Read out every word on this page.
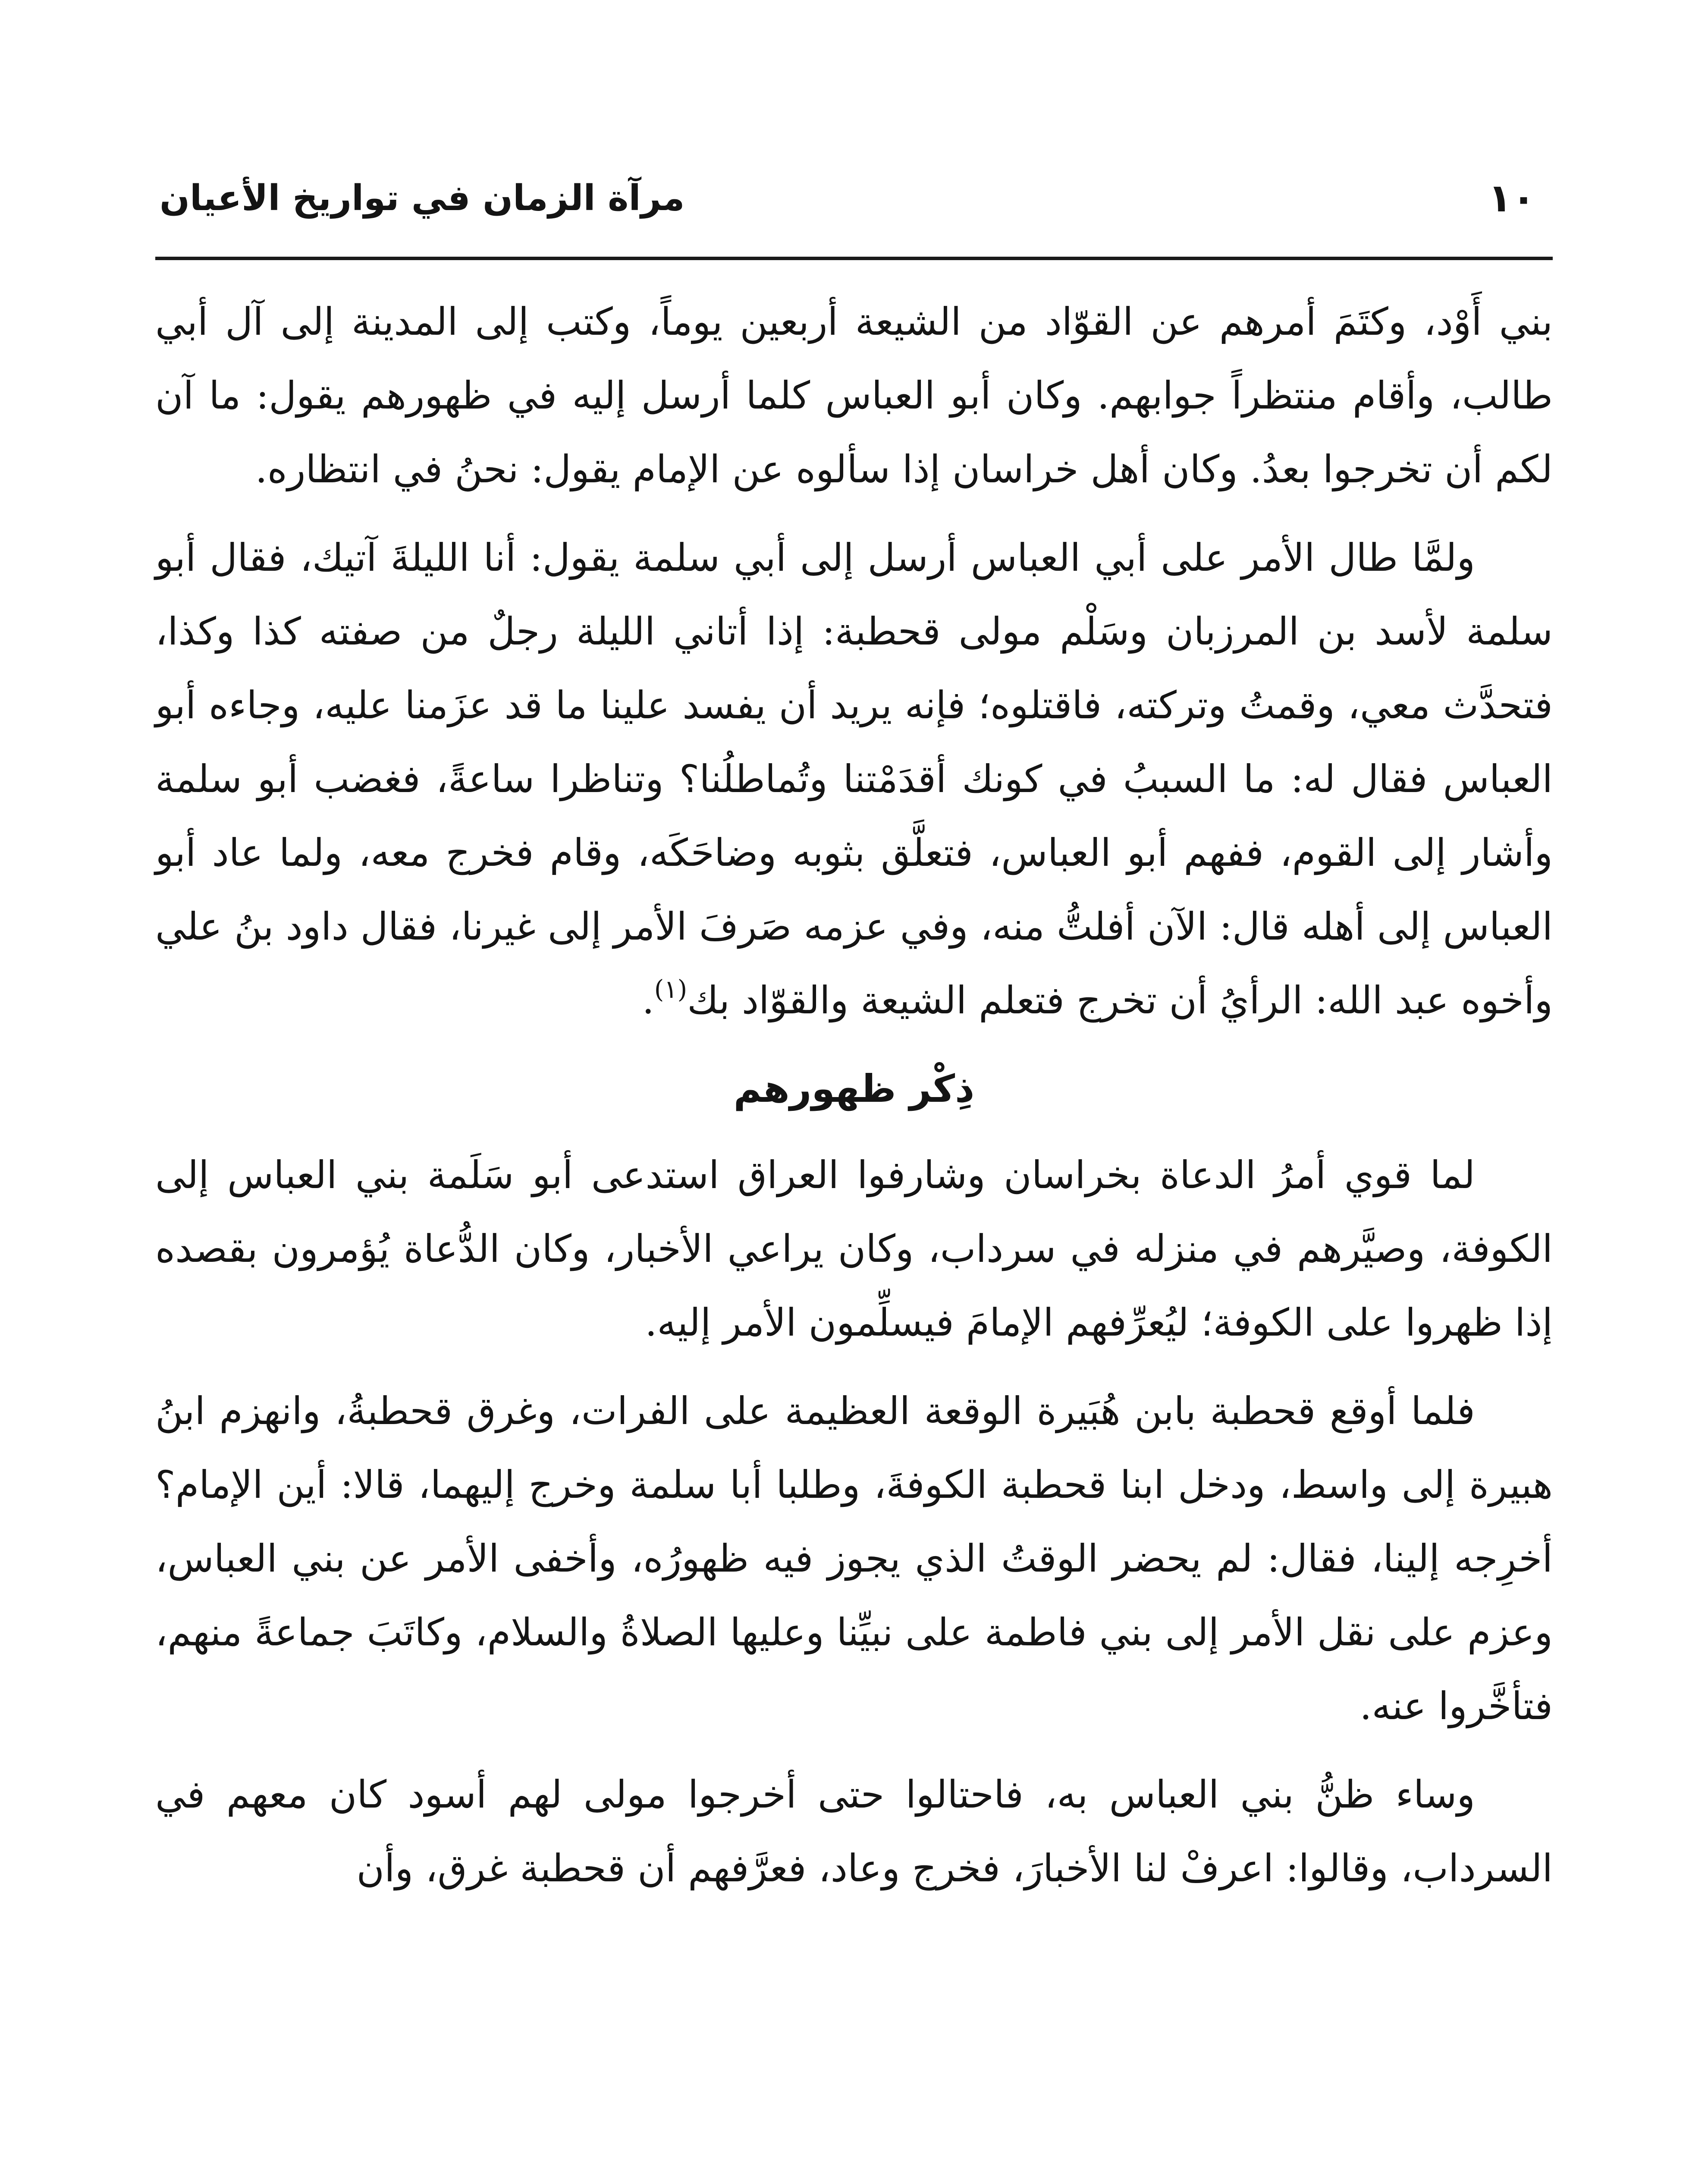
١٠
مرآة الزمان في تواريخ الأعيان

بني أَوْد، وكتَمَ أمرهم عن القوّاد من الشيعة أربعين يوماً، وكتب إلى المدينة إلى آل أبي طالب، وأقام منتظراً جوابهم. وكان أبو العباس كلما أرسل إليه في ظهورهم يقول: ما آن لكم أن تخرجوا بعدُ. وكان أهل خراسان إذا سألوه عن الإمام يقول: نحنُ في انتظاره.

ولمَّا طال الأمر على أبي العباس أرسل إلى أبي سلمة يقول: أنا الليلةَ آتيك، فقال أبو سلمة لأسد بن المرزبان وسَلْم مولى قحطبة: إذا أتاني الليلة رجلٌ من صفته كذا وكذا، فتحدَّث معي، وقمتُ وتركته، فاقتلوه؛ فإنه يريد أن يفسد علينا ما قد عزَمنا عليه، وجاءه أبو العباس فقال له: ما السببُ في كونك أقدَمْتنا وتُماطلُنا؟ وتناظرا ساعةً، فغضب أبو سلمة وأشار إلى القوم، ففهم أبو العباس، فتعلَّق بثوبه وضاحَكَه، وقام فخرج معه، ولما عاد أبو العباس إلى أهله قال: الآن أفلتُّ منه، وفي عزمه صَرفَ الأمر إلى غيرنا، فقال داود بنُ علي وأخوه عبد الله: الرأيُ أن تخرج فتعلم الشيعة والقوّاد بك$^{(١)}$.

ذِكْر ظهورهم

لما قوي أمرُ الدعاة بخراسان وشارفوا العراق استدعى أبو سَلَمة بني العباس إلى الكوفة، وصيَّرهم في منزله في سرداب، وكان يراعي الأخبار، وكان الدُّعاة يُؤمرون بقصده إذا ظهروا على الكوفة؛ ليُعرِّفهم الإمامَ فيسلِّمون الأمر إليه.

فلما أوقع قحطبة بابن هُبَيرة الوقعة العظيمة على الفرات، وغرق قحطبةُ، وانهزم ابنُ هبيرة إلى واسط، ودخل ابنا قحطبة الكوفةَ، وطلبا أبا سلمة وخرج إليهما، قالا: أين الإمام؟ أخرِجه إلينا، فقال: لم يحضر الوقتُ الذي يجوز فيه ظهورُه، وأخفى الأمر عن بني العباس، وعزم على نقل الأمر إلى بني فاطمة على نبيِّنا وعليها الصلاةُ والسلام، وكاتَبَ جماعةً منهم، فتأخَّروا عنه.

وساء ظنُّ بني العباس به، فاحتالوا حتى أخرجوا مولى لهم أسود كان معهم في السرداب، وقالوا: اعرفْ لنا الأخبارَ، فخرج وعاد، فعرَّفهم أن قحطبة غرق، وأن
